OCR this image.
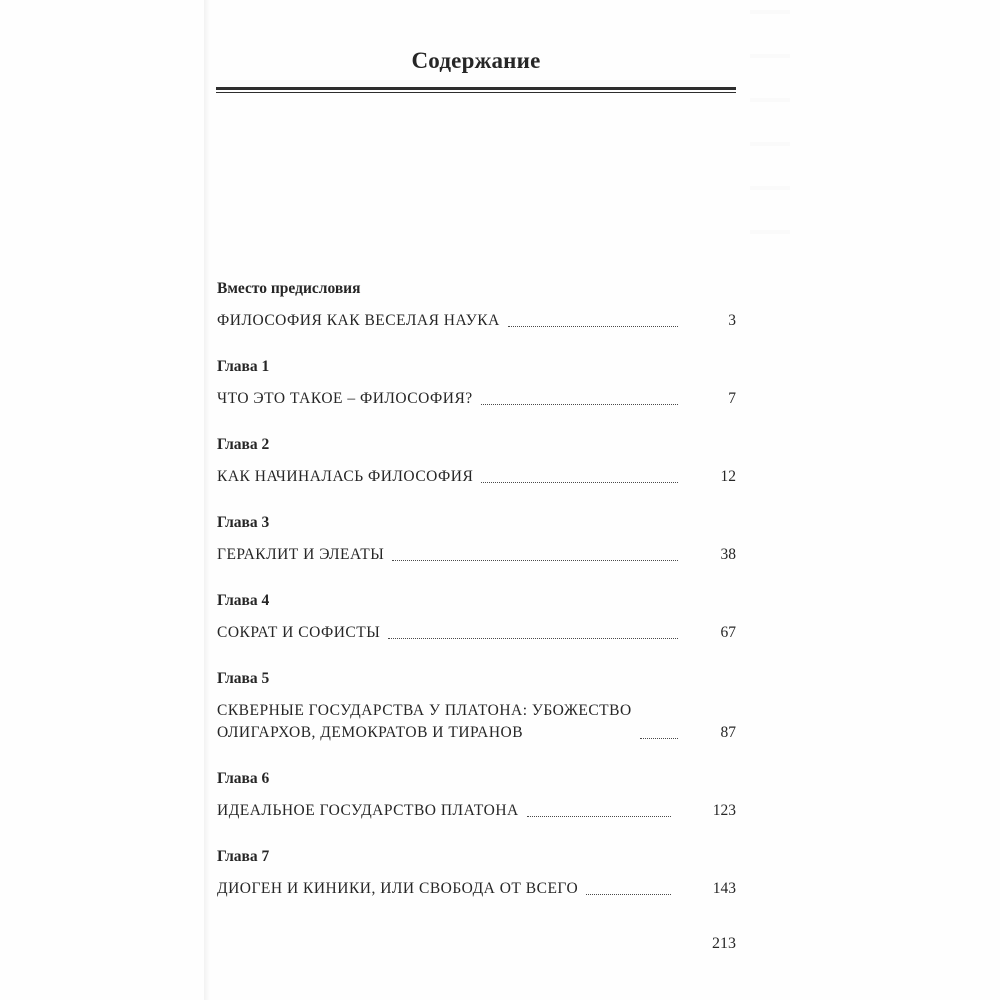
Содержание
Вместо предисловия
ФИЛОСОФИЯ КАК ВЕСЕЛАЯ НАУКА	3
Глава 1
ЧТО ЭТО ТАКОЕ – ФИЛОСОФИЯ?	7
Глава 2
КАК НАЧИНАЛАСЬ ФИЛОСОФИЯ	12
Глава 3
ГЕРАКЛИТ И ЭЛЕАТЫ	38
Глава 4
СОКРАТ И СОФИСТЫ	67
Глава 5
СКВЕРНЫЕ ГОСУДАРСТВА У ПЛАТОНА: УБОЖЕСТВО
ОЛИГАРХОВ, ДЕМОКРАТОВ И ТИРАНОВ	87
Глава 6
ИДЕАЛЬНОЕ ГОСУДАРСТВО ПЛАТОНА	123
Глава 7
ДИОГЕН И КИНИКИ, ИЛИ СВОБОДА ОТ ВСЕГО	143
213
